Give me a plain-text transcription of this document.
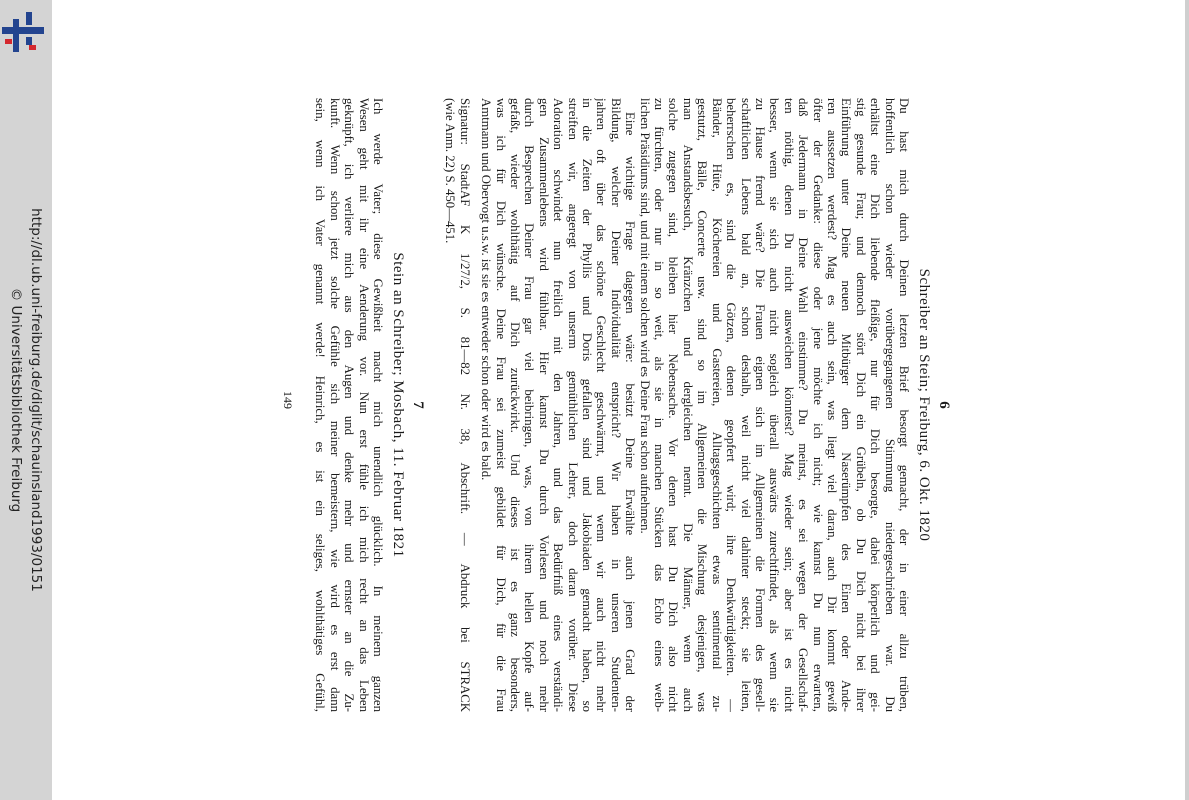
http://dl.ub.uni-freiburg.de/diglit/schauinsland1993/0151
© Universitätsbibliothek Freiburg	6
Schreiber an Stein; Freiburg, 6. Okt. 1820
Du hast mich durch Deinen letzten Brief besorgt gemacht, der in einer allzu trüben,
hoffentlich schon wieder vorübergegangenen Stimmung niedergeschrieben war. Du
erhältst eine Dich liebende fleißige, nur für Dich besorgte, dabei körperlich und gei-
stig gesunde Frau; und dennoch stört Dich ein Grübeln, ob Du Dich nicht bei ihrer
Einführung unter Deine neuen Mitbürger dem Naserümpfen des Einen oder Ande-
ren aussetzen werdest? Mag es auch sein, was liegt viel daran, auch Dir kommt gewiß
öfter der Gedanke: diese oder jene möchte ich nicht; wie kannst Du nun erwarten,
daß Jedermann in Deine Wahl einstimme? Du meinst, es sei wegen der Gesellschaf-
ten nöthig, denen Du nicht ausweichen könntest? Mag wieder sein; aber ist es nicht
besser, wenn sie sich auch nicht sogleich überall auswärts zurechtfindet, als wenn sie
zu Hause fremd wäre? Die Frauen eignen sich im Allgemeinen die Formen des gesell-
schaftlichen Lebens bald an, schon deshalb, weil nicht viel dahinter steckt; sie leiten,
beherrschen es, sind die Götzen, denen geopfert wird; ihre Denkwürdigkeiten. —
Bänder, Hüte, Köchereien und Gastereien, Alltagsgeschichten etwas sentimental zu-
gestutzt, Bälle, Concerte usw. sind so im Allgemeinen die Mischung desjenigen, was
man Anstandsbesuch, Kränzchen und dergleichen nennt. Die Männer, wenn auch
solche zugegen sind, bleiben hier Nebensache. Vor denen hast Du Dich also nicht
zu fürchten, oder nur in so weit, als sie in manchen Stücken das Echo eines weib-
lichen Präsidiums sind, und mit einem solchen wird es Deine Frau schon aufnehmen.
Eine wichtige Frage dagegen wäre: besitzt Deine Erwählte auch jenen Grad der
Bildung, welcher Deiner Individualität entspricht? Wir haben in unseren Studenten-
jahren oft über das schöne Geschlecht geschwärmt, und wenn wir auch nicht mehr
in die Zeiten der Phyllis und Doris gefallen sind und Jakobiaden gemacht haben, so
streiften wir, angeregt von unserm gemüthlichen Lehrer, doch daran vorüber. Diese
Adoration schwindet nun freilich mit den Jahren, und das Bedürfniß eines verständi-
gen Zusammenlebens wird fühlbar. Hier kannst Du durch Vorlesen und noch mehr
durch Besprechen Deiner Frau gar viel beibringen, was, von ihrem hellen Kopfe auf-
gefaßt, wieder wohlthätig auf Dich zurückwirkt. Und dieses ist es ganz besonders,
was ich für Dich wünsche. Deine Frau sei zumeist gebildet für Dich, für die Frau
Amtmann und Obervogt u.s.w. ist sie es entweder schon oder wird es bald.
Signatur: StadtAF K 1/27/2, S. 81—82 Nr. 38, Abschrift. — Abdruck bei STRACK
(wie Anm. 22) S. 450—451.
7
Stein an Schreiber; Mosbach, 11. Februar 1821
Ich werde Vater; diese Gewißheit macht mich unendlich glücklich. In meinem ganzen
Wesen geht mit ihr eine Aenderung vor. Nun erst fühle ich mich recht an das Leben
geknüpft, ich verliere mich aus den Augen und denke mehr und ernster an die Zu-
kunft. Wenn schon jetzt solche Gefühle sich meiner bemeistern, wie wird es erst dann
sein, wenn ich Vater genannt werde! Heinrich, es ist ein seliges, wohlthätiges Gefühl,
149
